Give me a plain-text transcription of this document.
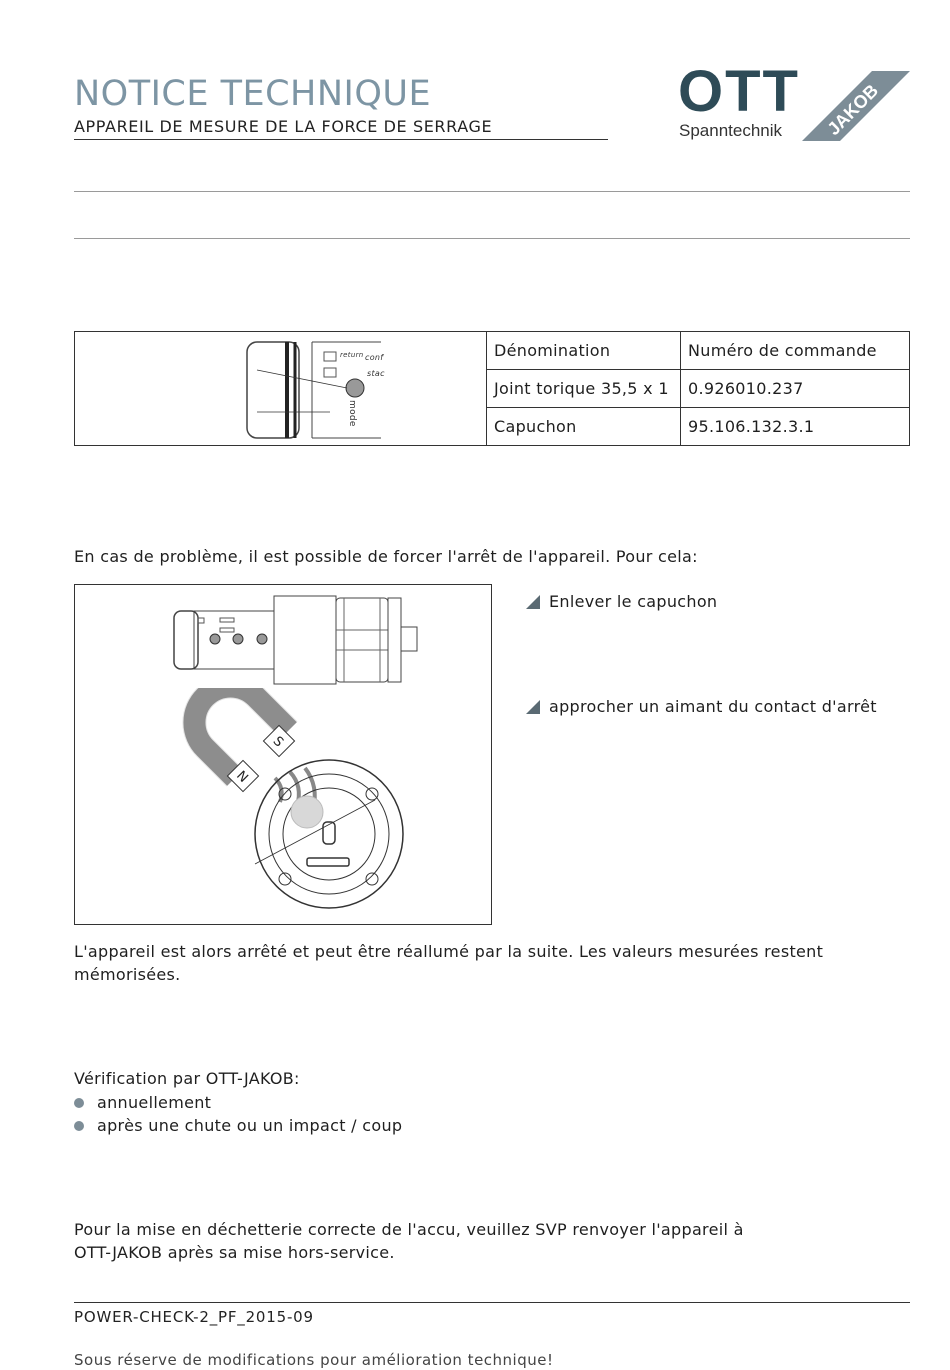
NOTICE TECHNIQUE
APPAREIL DE MESURE DE LA FORCE DE SERRAGE
OTT
Spanntechnik JAKOB
return conf
stac
mode	Dénomination	Numéro de commande
	Joint torique 35,5 x 1	0.926010.237
	Capuchon	95.106.132.3.1
En cas de problème, il est possible de forcer l'arrêt de l'appareil. Pour cela:
N
S
Enlever le capuchon
approcher un aimant du contact d'arrêt
L'appareil est alors arrêté et peut être réallumé par la suite. Les valeurs mesurées restent
mémorisées.
Vérification par OTT-JAKOB:
annuellement
après une chute ou un impact / coup
Pour la mise en déchetterie correcte de l'accu, veuillez SVP renvoyer l'appareil à
OTT-JAKOB après sa mise hors-service.
POWER-CHECK-2_PF_2015-09
Sous réserve de modifications pour amélioration technique!
